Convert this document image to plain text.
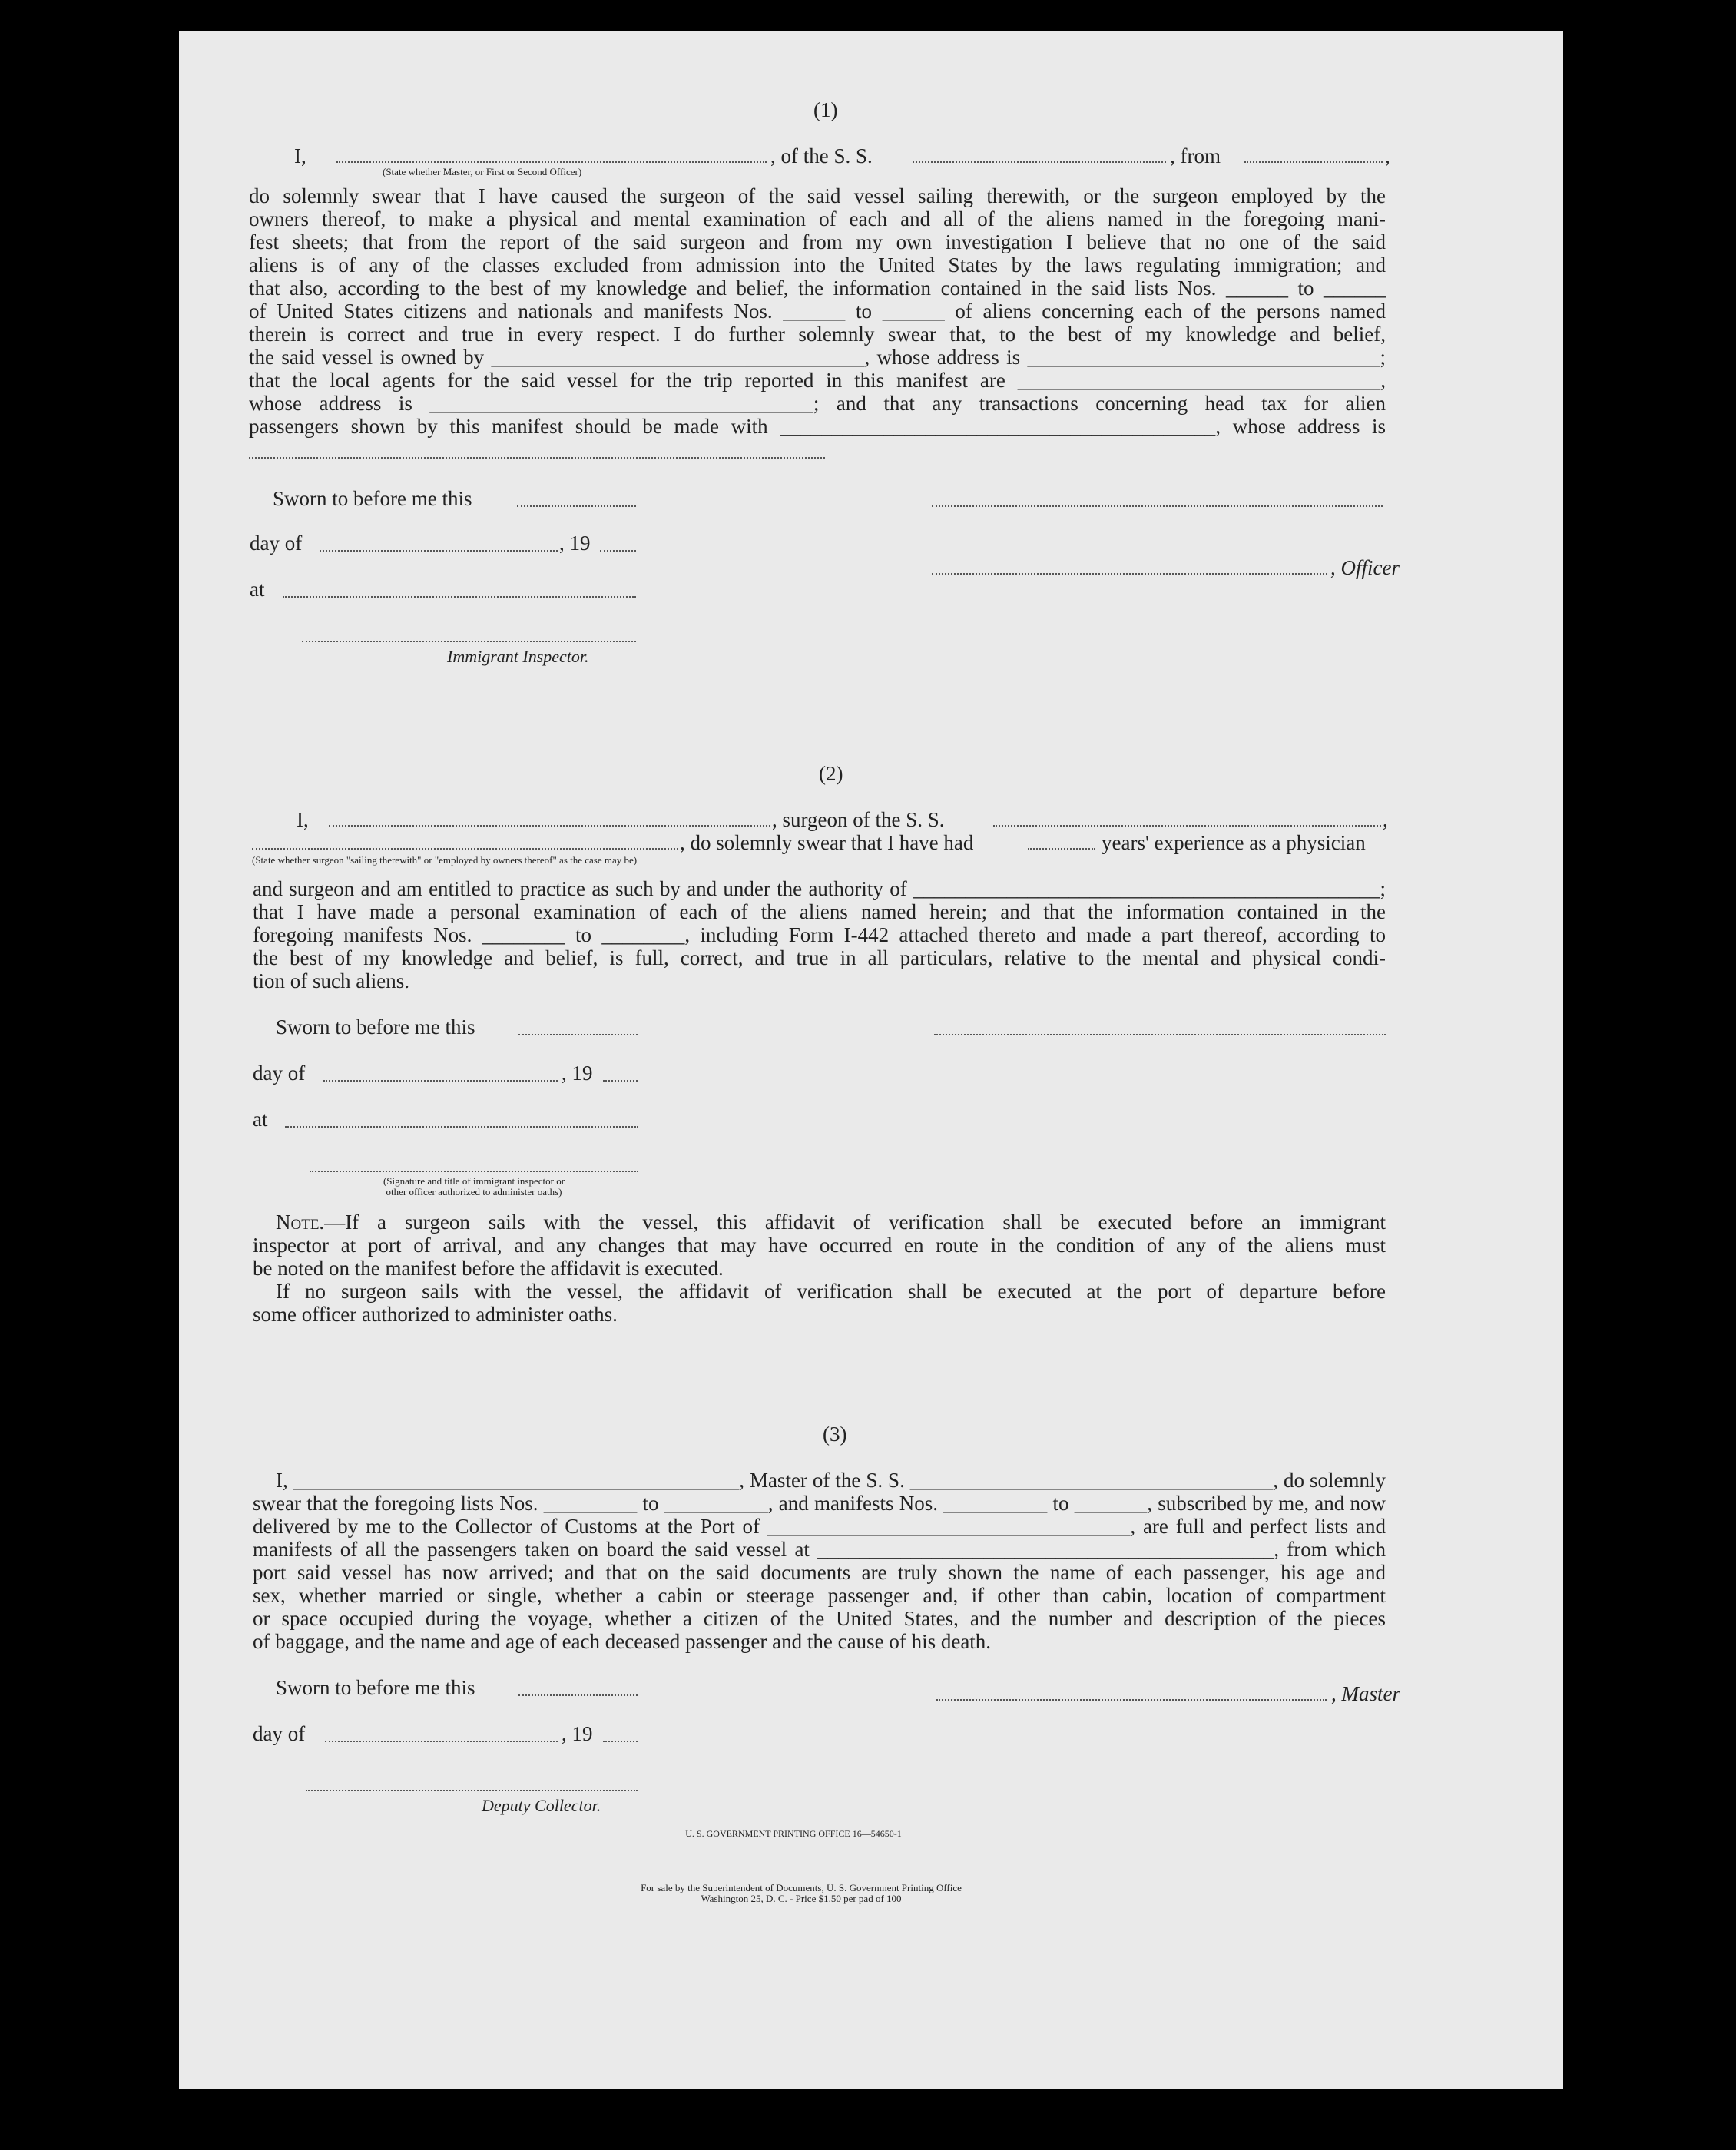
(1)
I,	, of the S. S.	, from	,
(State whether Master, or First or Second Officer)
do solemnly swear that I have caused the surgeon of the said vessel sailing therewith, or the surgeon employed by the
owners thereof, to make a physical and mental examination of each and all of the aliens named in the foregoing mani-
fest sheets; that from the report of the said surgeon and from my own investigation I believe that no one of the said
aliens is of any of the classes excluded from admission into the United States by the laws regulating immigration; and
that also, according to the best of my knowledge and belief, the information contained in the said lists Nos. ______ to ______
of United States citizens and nationals and manifests Nos. ______ to ______ of aliens concerning each of the persons named
therein is correct and true in every respect. I do further solemnly swear that, to the best of my knowledge and belief,
the said vessel is owned by ____________________________________, whose address is __________________________________;
that the local agents for the said vessel for the trip reported in this manifest are ___________________________________,
whose address is _____________________________________; and that any transactions concerning head tax for alien
passengers shown by this manifest should be made with __________________________________________, whose address is
Sworn to before me this
day of	, 19
, Officer
at
Immigrant Inspector.
(2)
I,	, surgeon of the S. S.	,
, do solemnly swear that I have had	years' experience as a physician
(State whether surgeon "sailing therewith" or "employed by owners thereof" as the case may be)
and surgeon and am entitled to practice as such by and under the authority of _____________________________________________;
that I have made a personal examination of each of the aliens named herein; and that the information contained in the
foregoing manifests Nos. ________ to ________, including Form I-442 attached thereto and made a part thereof, according to
the best of my knowledge and belief, is full, correct, and true in all particulars, relative to the mental and physical condi-
tion of such aliens.
Sworn to before me this
day of	, 19
at
(Signature and title of immigrant inspector or
other officer authorized to administer oaths)
Note.—If a surgeon sails with the vessel, this affidavit of verification shall be executed before an immigrant
inspector at port of arrival, and any changes that may have occurred en route in the condition of any of the aliens must
be noted on the manifest before the affidavit is executed.
If no surgeon sails with the vessel, the affidavit of verification shall be executed at the port of departure before
some officer authorized to administer oaths.
(3)
I, ___________________________________________, Master of the S. S. ___________________________________, do solemnly
swear that the foregoing lists Nos. _________ to __________, and manifests Nos. __________ to _______, subscribed by me, and now
delivered by me to the Collector of Customs at the Port of ___________________________________, are full and perfect lists and
manifests of all the passengers taken on board the said vessel at ____________________________________________, from which
port said vessel has now arrived; and that on the said documents are truly shown the name of each passenger, his age and
sex, whether married or single, whether a cabin or steerage passenger and, if other than cabin, location of compartment
or space occupied during the voyage, whether a citizen of the United States, and the number and description of the pieces
of baggage, and the name and age of each deceased passenger and the cause of his death.
Sworn to before me this	, Master
day of	, 19
Deputy Collector.
U. S. GOVERNMENT PRINTING OFFICE 16—54650-1
For sale by the Superintendent of Documents, U. S. Government Printing Office
Washington 25, D. C. - Price $1.50 per pad of 100
